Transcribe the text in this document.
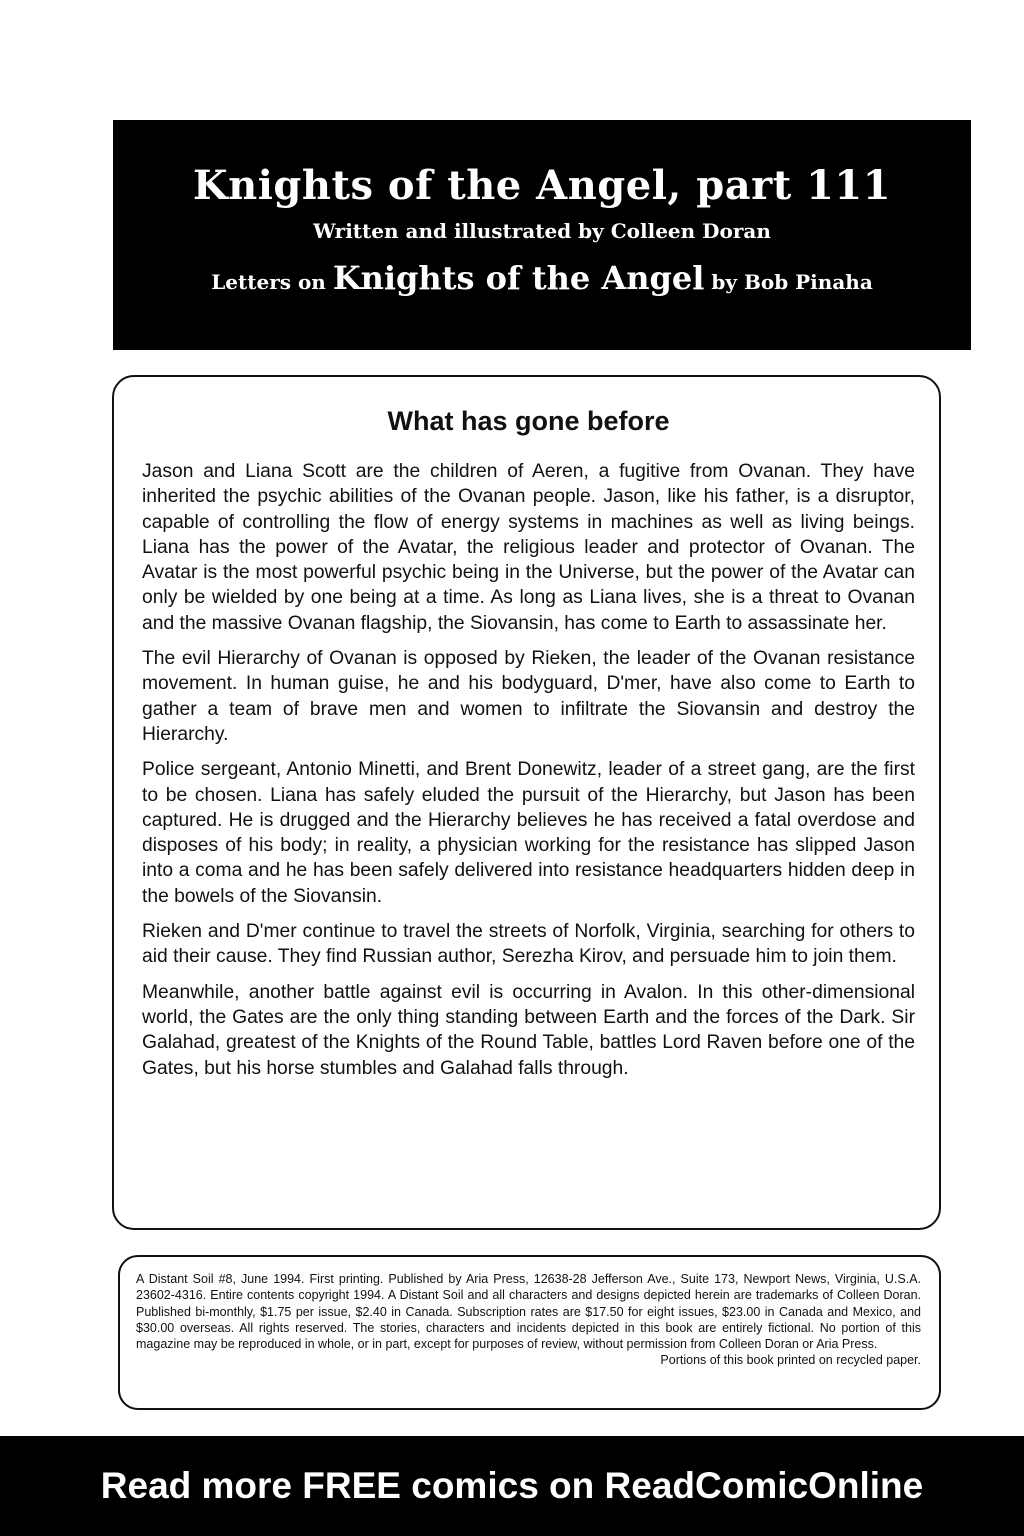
Knights of the Angel, part 111
Written and illustrated by Colleen Doran
Letters on Knights of the Angel by Bob Pinaha
What has gone before

Jason and Liana Scott are the children of Aeren, a fugitive from Ovanan. They have inherited the psychic abilities of the Ovanan people. Jason, like his father, is a disruptor, capable of controlling the flow of energy systems in machines as well as living beings. Liana has the power of the Avatar, the religious leader and protector of Ovanan. The Avatar is the most powerful psychic being in the Universe, but the power of the Avatar can only be wielded by one being at a time. As long as Liana lives, she is a threat to Ovanan and the massive Ovanan flagship, the Siovansin, has come to Earth to assassinate her.

The evil Hierarchy of Ovanan is opposed by Rieken, the leader of the Ovanan resistance movement. In human guise, he and his bodyguard, D'mer, have also come to Earth to gather a team of brave men and women to infiltrate the Siovansin and destroy the Hierarchy.

Police sergeant, Antonio Minetti, and Brent Donewitz, leader of a street gang, are the first to be chosen. Liana has safely eluded the pursuit of the Hierarchy, but Jason has been captured. He is drugged and the Hierarchy believes he has received a fatal overdose and disposes of his body; in reality, a physician working for the resistance has slipped Jason into a coma and he has been safely delivered into resistance headquarters hidden deep in the bowels of the Siovansin.

Rieken and D'mer continue to travel the streets of Norfolk, Virginia, searching for others to aid their cause. They find Russian author, Serezha Kirov, and persuade him to join them.

Meanwhile, another battle against evil is occurring in Avalon. In this other-dimensional world, the Gates are the only thing standing between Earth and the forces of the Dark. Sir Galahad, greatest of the Knights of the Round Table, battles Lord Raven before one of the Gates, but his horse stumbles and Galahad falls through.

A Distant Soil #8, June 1994. First printing. Published by Aria Press, 12638-28 Jefferson Ave., Suite 173, Newport News, Virginia, U.S.A. 23602-4316. Entire contents copyright 1994. A Distant Soil and all characters and designs depicted herein are trademarks of Colleen Doran. Published bi-monthly, $1.75 per issue, $2.40 in Canada. Subscription rates are $17.50 for eight issues, $23.00 in Canada and Mexico, and $30.00 overseas. All rights reserved. The stories, characters and incidents depicted in this book are entirely fictional. No portion of this magazine may be reproduced in whole, or in part, except for purposes of review, without permission from Colleen Doran or Aria Press.

Portions of this book printed on recycled paper.

Read more FREE comics on ReadComicOnline
